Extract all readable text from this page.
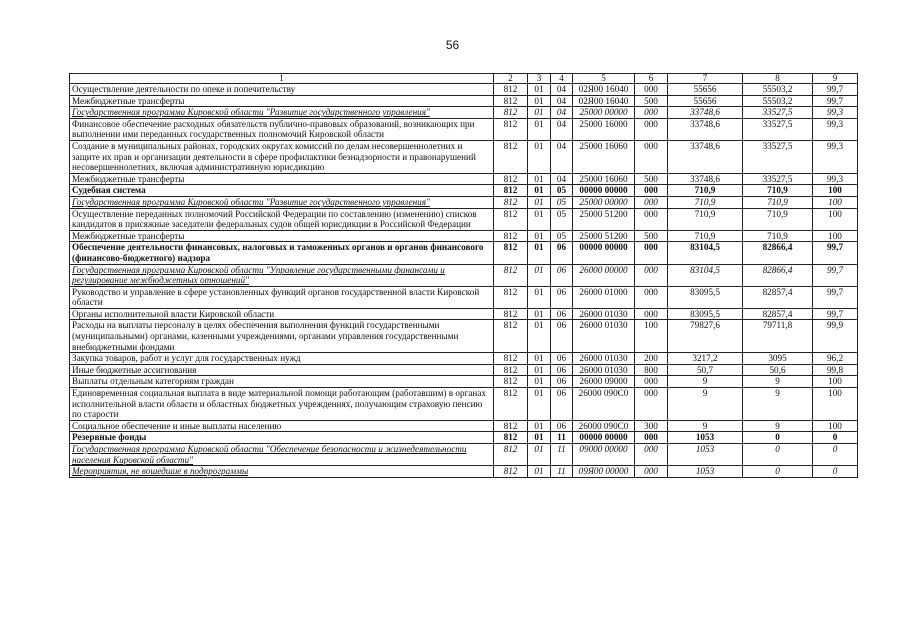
56
1	2	3	4	5	6	7	8	9
Осуществление деятельности по опеке и попечительству	812	01	04	02Я00 16040	000	55656	55503,2	99,7
Межбюджетные трансферты	812	01	04	02Я00 16040	500	55656	55503,2	99,7
Государственная программа Кировской области "Развитие государственного управления"	812	01	04	25000 00000	000	33748,6	33527,5	99,3
Финансовое обеспечение расходных обязательств публично-правовых образований, возникающих при выполнении ими переданных государственных полномочий Кировской области	812	01	04	25000 16000	000	33748,6	33527,5	99,3
Создание в муниципальных районах, городских округах комиссий по делам несовершеннолетних и защите их прав и организации деятельности в сфере профилактики безнадзорности и правонарушений несовершеннолетних, включая административную юрисдикцию	812	01	04	25000 16060	000	33748,6	33527,5	99,3
Межбюджетные трансферты	812	01	04	25000 16060	500	33748,6	33527,5	99,3
Судебная система	812	01	05	00000 00000	000	710,9	710,9	100
Государственная программа Кировской области "Развитие государственного управления"	812	01	05	25000 00000	000	710,9	710,9	100
Осуществление переданных полномочий Российской Федерации по составлению (изменению) списков кандидатов в присяжные заседатели федеральных судов общей юрисдикции в Российской Федерации	812	01	05	25000 51200	000	710,9	710,9	100
Межбюджетные трансферты	812	01	05	25000 51200	500	710,9	710,9	100
Обеспечение деятельности финансовых, налоговых и таможенных органов и органов финансового (финансово-бюджетного) надзора	812	01	06	00000 00000	000	83104,5	82866,4	99,7
Государственная программа Кировской области "Управление государственными финансами и регулирование межбюджетных отношений"	812	01	06	26000 00000	000	83104,5	82866,4	99,7
Руководство и управление в сфере установленных функций органов государственной власти Кировской области	812	01	06	26000 01000	000	83095,5	82857,4	99,7
Органы исполнительной власти Кировской области	812	01	06	26000 01030	000	83095,5	82857,4	99,7
Расходы на выплаты персоналу в целях обеспечения выполнения функций государственными (муниципальными) органами, казенными учреждениями, органами управления государственными внебюджетными фондами	812	01	06	26000 01030	100	79827,6	79711,8	99,9
Закупка товаров, работ и услуг для государственных нужд	812	01	06	26000 01030	200	3217,2	3095	96,2
Иные бюджетные ассигнования	812	01	06	26000 01030	800	50,7	50,6	99,8
Выплаты отдельным категориям граждан	812	01	06	26000 09000	000	9	9	100
Единовременная социальная выплата в виде материальной помощи работающим (работавшим) в органах исполнительной власти области и областных бюджетных учреждениях, получающим страховую пенсию по старости	812	01	06	26000 090С0	000	9	9	100
Социальное обеспечение и иные выплаты населению	812	01	06	26000 090С0	300	9	9	100
Резервные фонды	812	01	11	00000 00000	000	1053	0	0
Государственная программа Кировской области "Обеспечение безопасности и жизнедеятельности населения Кировской области"	812	01	11	09000 00000	000	1053	0	0
Мероприятия, не вошедшие в подпрограммы	812	01	11	09Я00 00000	000	1053	0	0
